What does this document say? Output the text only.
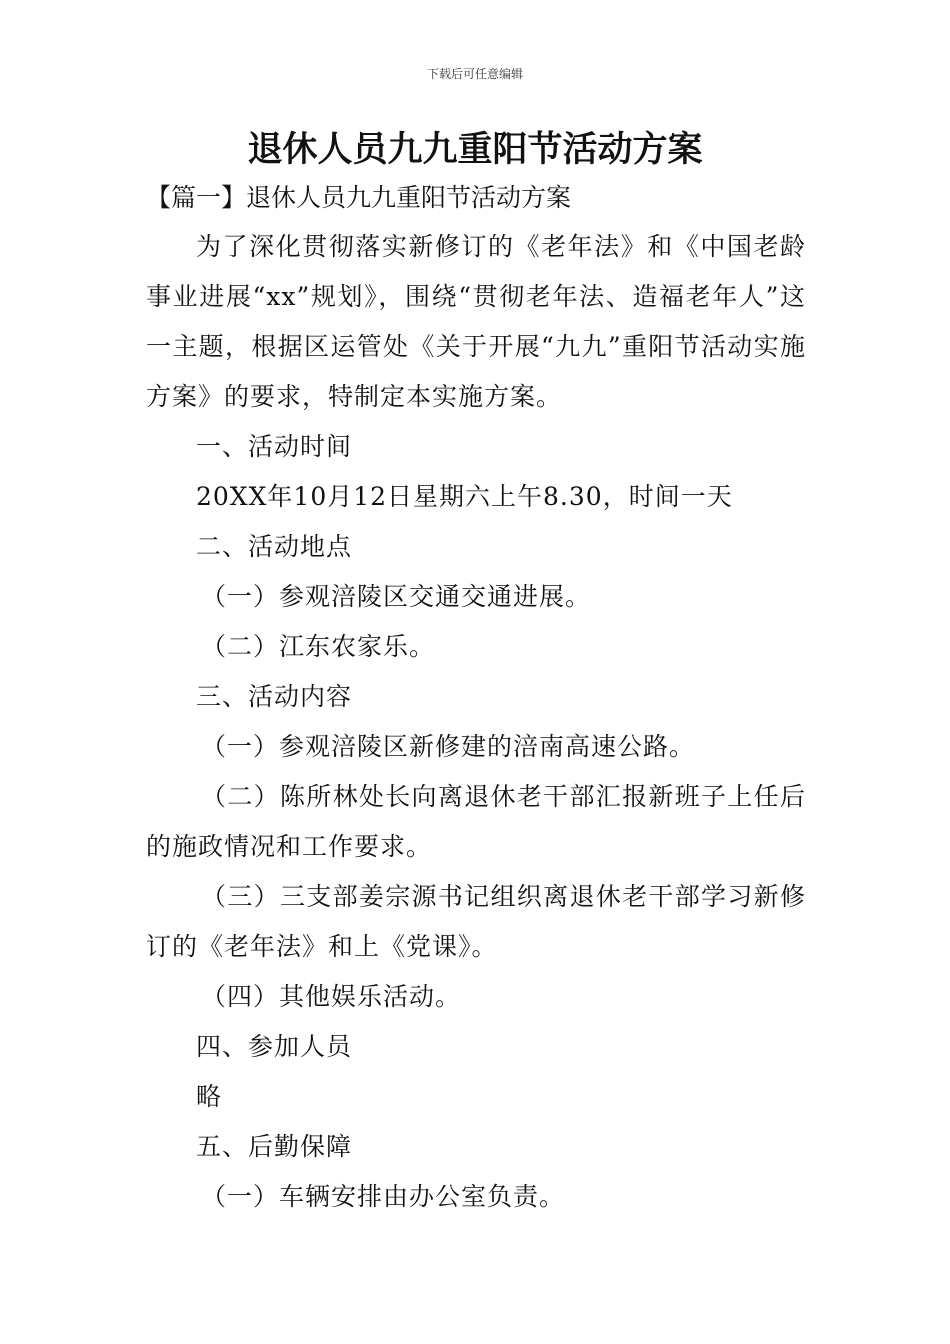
下载后可任意编辑
退休人员九九重阳节活动方案
【篇一】退休人员九九重阳节活动方案

为了深化贯彻落实新修订的《老年法》和《中国老龄事业进展“xx”规划》，围绕“贯彻老年法、造福老年人”这一主题，根据区运管处《关于开展“九九”重阳节活动实施方案》的要求，特制定本实施方案。

一、活动时间

20XX年10月12日星期六上午8.30，时间一天

二、活动地点

（一）参观涪陵区交通交通进展。

（二）江东农家乐。

三、活动内容

（一）参观涪陵区新修建的涪南高速公路。

（二）陈所林处长向离退休老干部汇报新班子上任后的施政情况和工作要求。

（三）三支部姜宗源书记组织离退休老干部学习新修订的《老年法》和上《党课》。

（四）其他娱乐活动。

四、参加人员

略

五、后勤保障

（一）车辆安排由办公室负责。
